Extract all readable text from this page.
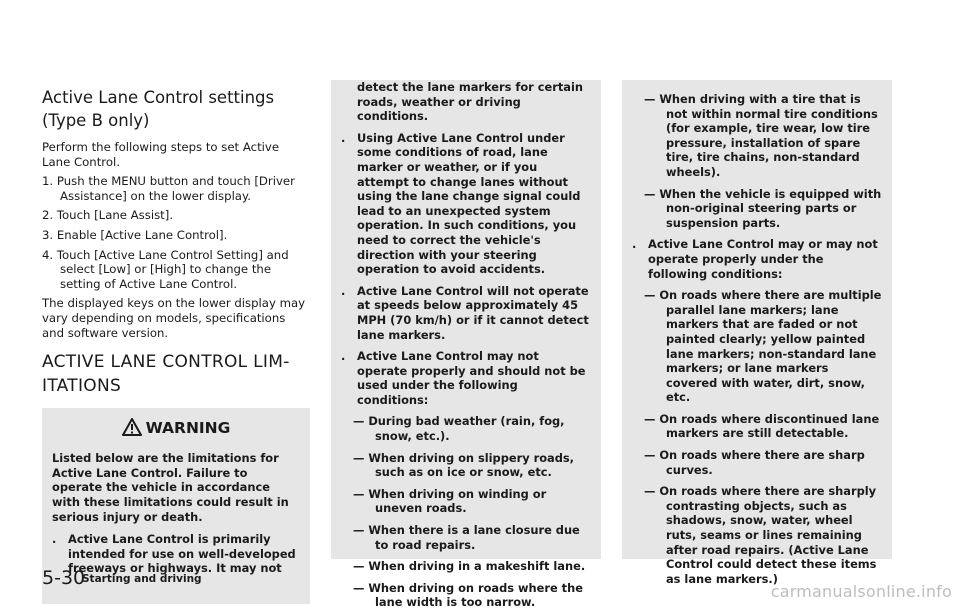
Active Lane Control settings (Type B only)

Perform the following steps to set Active Lane Control.

1. Push the MENU button and touch [Driver Assistance] on the lower display.

2. Touch [Lane Assist].

3. Enable [Active Lane Control].

4. Touch [Active Lane Control Setting] and select [Low] or [High] to change the setting of Active Lane Control.

The displayed keys on the lower display may vary depending on models, specifications and software version.

ACTIVE LANE CONTROL LIM-
ITATIONS
WARNING

Listed below are the limitations for Active Lane Control. Failure to operate the vehicle in accordance with these limitations could result in serious injury or death.

. Active Lane Control is primarily intended for use on well-developed freeways or highways. It may not
detect the lane markers for certain roads, weather or driving conditions.
. Using Active Lane Control under some conditions of road, lane marker or weather, or if you attempt to change lanes without using the lane change signal could lead to an unexpected system operation. In such conditions, you need to correct the vehicle's direction with your steering operation to avoid accidents.
. Active Lane Control will not operate at speeds below approximately 45 MPH (70 km/h) or if it cannot detect lane markers.
. Active Lane Control may not operate properly and should not be used under the following conditions:

— During bad weather (rain, fog, snow, etc.).

— When driving on slippery roads, such as on ice or snow, etc.

— When driving on winding or uneven roads.

— When there is a lane closure due to road repairs.

— When driving in a makeshift lane.

— When driving on roads where the lane width is too narrow.

— When driving with a tire that is not within normal tire conditions (for example, tire wear, low tire pressure, installation of spare tire, tire chains, non-standard wheels).

— When the vehicle is equipped with non-original steering parts or suspension parts.

. Active Lane Control may or may not operate properly under the following conditions:

— On roads where there are multiple parallel lane markers; lane markers that are faded or not painted clearly; yellow painted lane markers; non-standard lane markers; or lane markers covered with water, dirt, snow, etc.

— On roads where discontinued lane markers are still detectable.

— On roads where there are sharp curves.

— On roads where there are sharply contrasting objects, such as shadows, snow, water, wheel ruts, seams or lines remaining after road repairs. (Active Lane Control could detect these items as lane markers.)

5-30
Starting and driving
carmanualsonline.info
